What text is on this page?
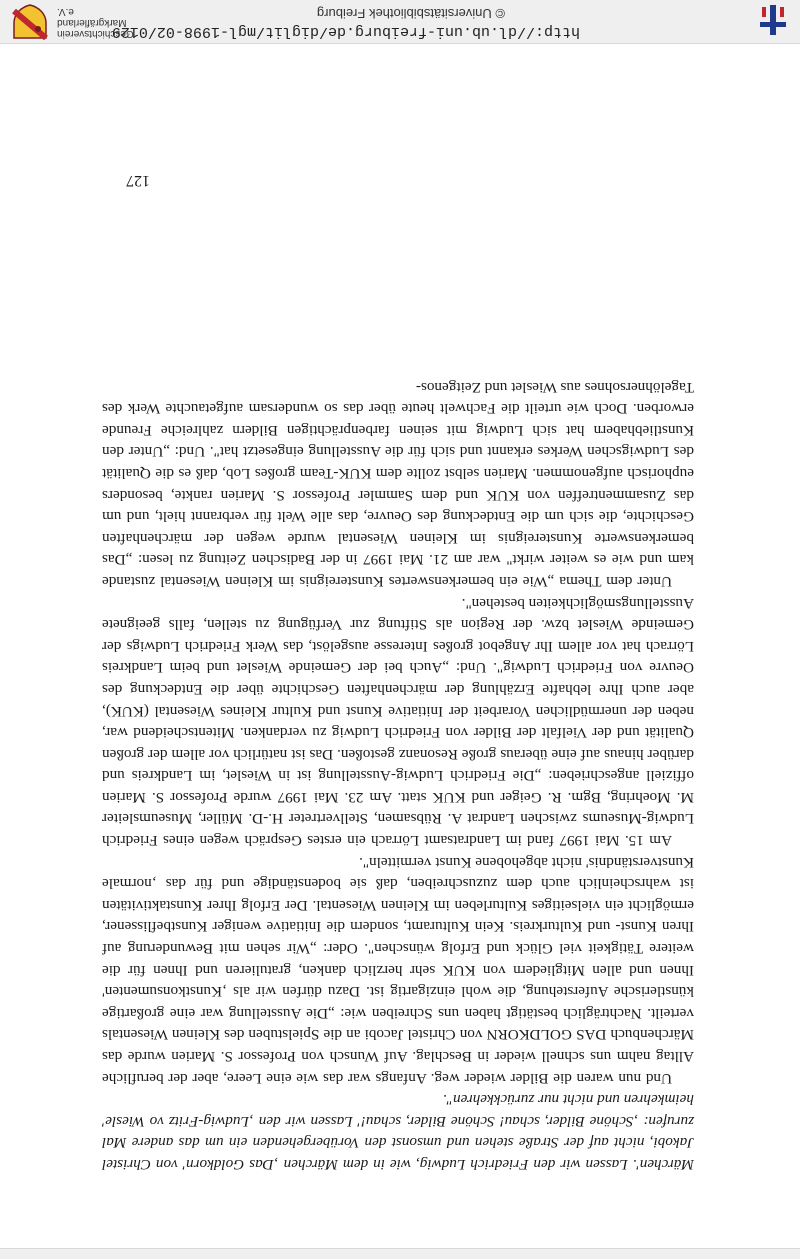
Märchen'. Lassen wir den Friedrich Ludwig, wie in dem Märchen ‚Das Goldkorn' von Christel Jakobi, nicht auf der Straße stehen und umsonst den Vorübergehenden ein um das andere Mal zurufen: ‚Schöne Bilder, schau! Schöne Bilder, schau!' Lassen wir den ‚Ludwig-Fritz vo Wiesle' heimkehren und nicht nur zurückkehren".

Und nun waren die Bilder wieder weg. Anfangs war das wie eine Leere, aber der berufliche Alltag nahm uns schnell wieder in Beschlag. Auf Wunsch von Professor S. Marien wurde das Märchenbuch DAS GOLDKORN von Christel Jacobi an die Spielstuben des Kleinen Wiesentals verteilt. Nachträglich bestätigt haben uns Schreiben wie: „Die Ausstellung war eine großartige künstlerische Auferstehung, die wohl einzigartig ist. Dazu dürfen wir als ‚Kunstkonsumenten' Ihnen und allen Mitgliedern von KUK sehr herzlich danken, gratulieren und Ihnen für die weitere Tätigkeit viel Glück und Erfolg wünschen". Oder: „Wir sehen mit Bewunderung auf Ihren Kunst- und Kulturkreis. Kein Kulturamt, sondern die Initiative weniger Kunstbeflissener, ermöglicht ein vielseitiges Kulturleben im Kleinen Wiesental. Der Erfolg Ihrer Kunstaktivitäten ist wahrscheinlich auch dem zuzuschreiben, daß sie bodenständige und für das ‚normale Kunstverständnis' nicht abgehobene Kunst vermitteln".

Am 15. Mai 1997 fand im Landratsamt Lörrach ein erstes Gespräch wegen eines Friedrich Ludwig-Museums zwischen Landrat A. Rübsamen, Stellvertreter H.-D. Müller, Museumsleiter M. Moehring, Bgm. R. Geiger und KUK statt. Am 23. Mai 1997 wurde Professor S. Marien offiziell angeschrieben: „Die Friedrich Ludwig-Ausstellung ist in Wieslet, im Landkreis und darüber hinaus auf eine überaus große Resonanz gestoßen. Das ist natürlich vor allem der großen Qualität und der Vielfalt der Bilder von Friedrich Ludwig zu verdanken. Mitentscheidend war, neben der unermüdlichen Vorarbeit der Initiative Kunst und Kultur Kleines Wiesental (KUK), aber auch Ihre lebhafte Erzählung der märchenhaften Geschichte über die Entdeckung des Oeuvre von Friedrich Ludwig". Und: „Auch bei der Gemeinde Wieslet und beim Landkreis Lörrach hat vor allem Ihr Angebot großes Interesse ausgelöst, das Werk Friedrich Ludwigs der Gemeinde Wieslet bzw. der Region als Stiftung zur Verfügung zu stellen, falls geeignete Ausstellungsmöglichkeiten bestehen".

Unter dem Thema „Wie ein bemerkenswertes Kunstereignis im Kleinen Wiesental zustande kam und wie es weiter wirkt" war am 21. Mai 1997 in der Badischen Zeitung zu lesen: „Das bemerkenswerte Kunstereignis im Kleinen Wiesental wurde wegen der märchenhaften Geschichte, die sich um die Entdeckung des Oeuvre, das alle Welt für verbrannt hielt, und um das Zusammentreffen von KUK und dem Sammler Professor S. Marien rankte, besonders euphorisch aufgenommen. Marien selbst zollte dem KUK-Team großes Lob, daß es die Qualität des Ludwigschen Werkes erkannt und sich für die Ausstellung eingesetzt hat". Und: „Unter den Kunstliebhabern hat sich Ludwig mit seinen farbenprächtigen Bildern zahlreiche Freunde erworben. Doch wie urteilt die Fachwelt heute über das so wundersam aufgetauchte Werk des Tagelöhnersohnes aus Wieslet und Zeitgenos-

127
http://dl.ub.uni-freiburg.de/diglit/mgl-1998-02/0129
© Universitätsbibliothek Freiburg
Geschichtsverein
Markgräflerland e.V.
